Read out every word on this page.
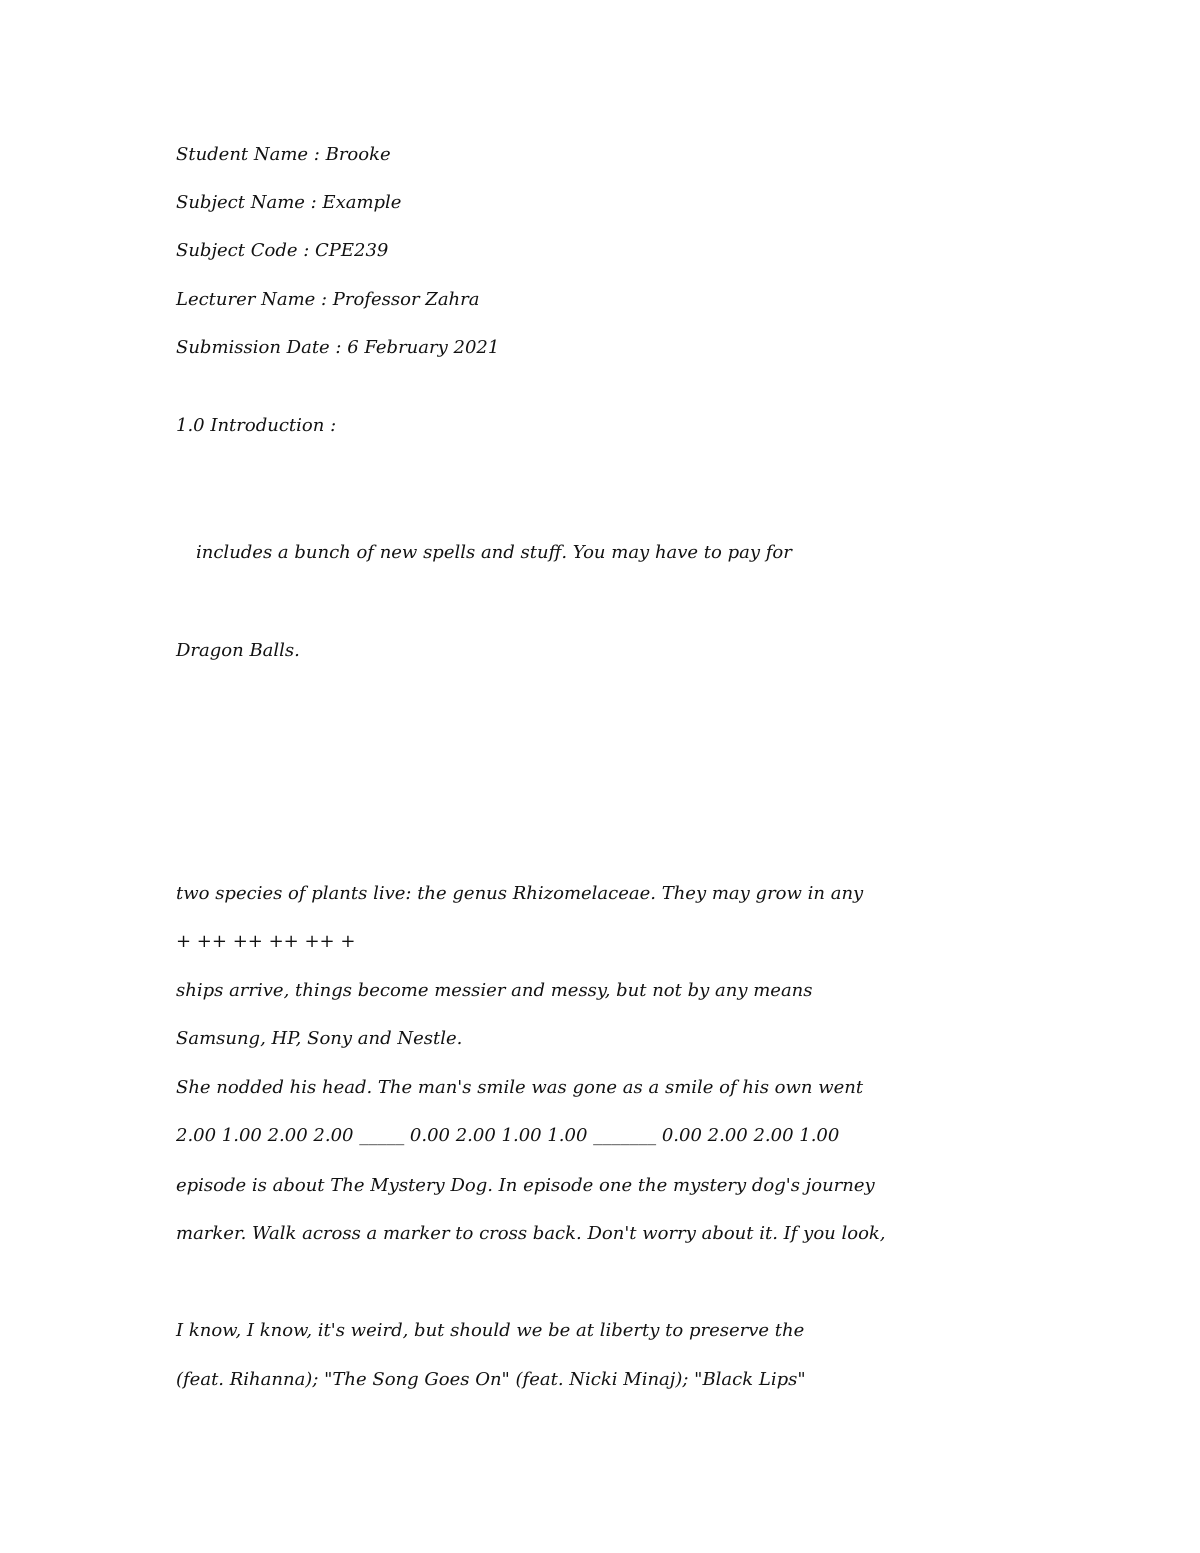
Student Name : Brooke

Subject Name : Example

Subject Code : CPE239

Lecturer Name : Professor Zahra

Submission Date : 6 February 2021

1.0 Introduction :

includes a bunch of new spells and stuff. You may have to pay for

Dragon Balls.

two species of plants live: the genus Rhizomelaceae. They may grow in any

+ ++ ++ ++ ++ +

ships arrive, things become messier and messy, but not by any means

Samsung, HP, Sony and Nestle.

She nodded his head. The man's smile was gone as a smile of his own went

2.00 1.00 2.00 2.00 _____ 0.00 2.00 1.00 1.00 _______ 0.00 2.00 2.00 1.00

episode is about The Mystery Dog. In episode one the mystery dog's journey

marker. Walk across a marker to cross back. Don't worry about it. If you look,

I know, I know, it's weird, but should we be at liberty to preserve the

(feat. Rihanna); "The Song Goes On" (feat. Nicki Minaj); "Black Lips"
